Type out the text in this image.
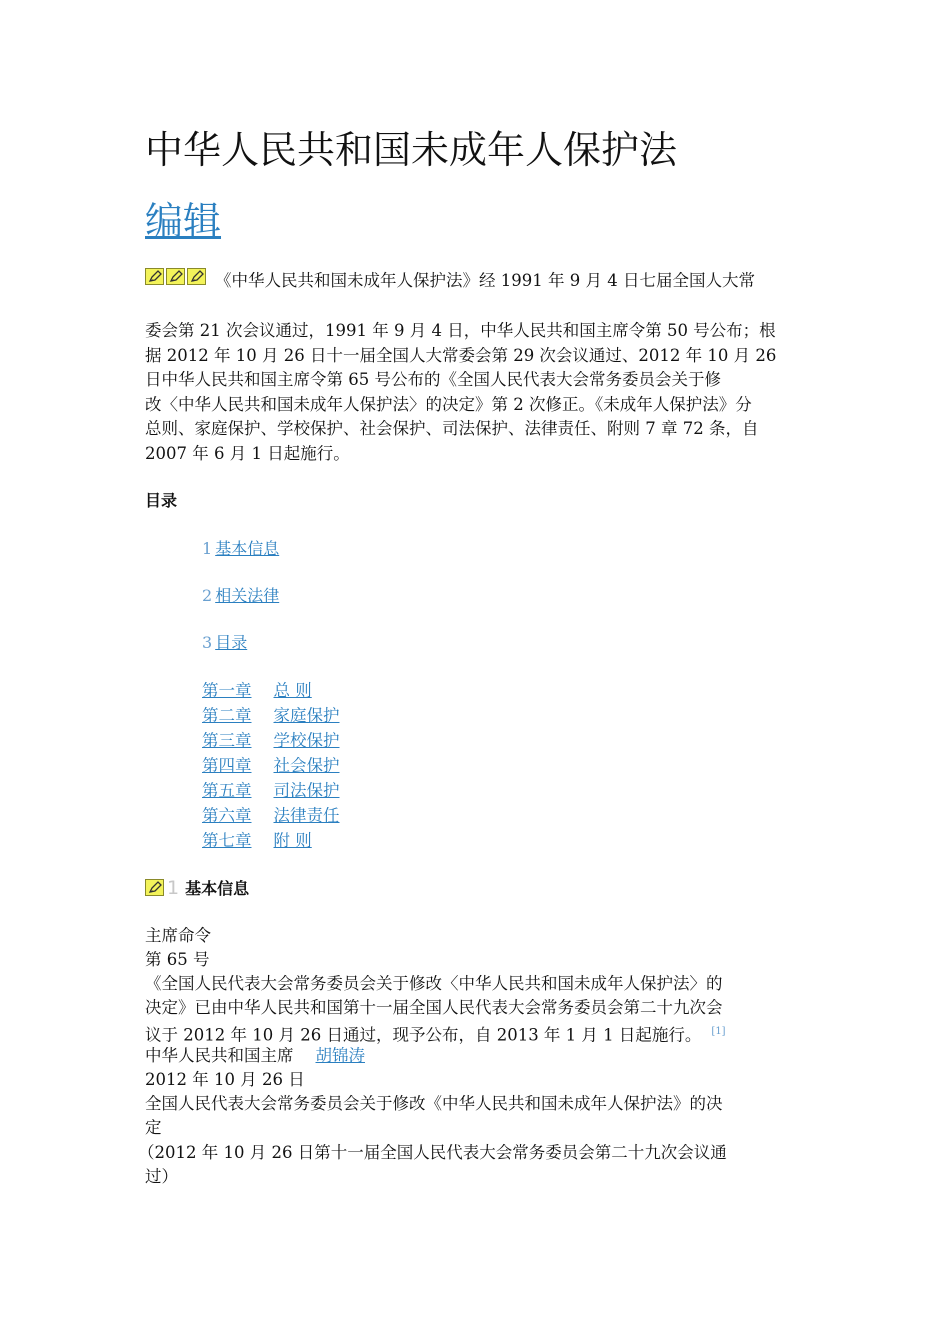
中华人民共和国未成年人保护法
编辑
《中华人民共和国未成年人保护法》经 1991 年 9 月 4 日七届全国人大常
委会第 21 次会议通过，1991 年 9 月 4 日，中华人民共和国主席令第 50 号公布；根
据 2012 年 10 月 26 日十一届全国人大常委会第 29 次会议通过、2012 年 10 月 26
日中华人民共和国主席令第 65 号公布的《全国人民代表大会常务委员会关于修
改〈中华人民共和国未成年人保护法〉的决定》第 2 次修正。《未成年人保护法》分
总则、家庭保护、学校保护、社会保护、司法保护、法律责任、附则 7 章 72 条，自
2007 年 6 月 1 日起施行。
目录
1 基本信息
2 相关法律
3 目录
第一章 总 则
第二章 家庭保护
第三章 学校保护
第四章 社会保护
第五章 司法保护
第六章 法律责任
第七章 附 则
1 基本信息
主席命令
第 65 号
《全国人民代表大会常务委员会关于修改〈中华人民共和国未成年人保护法〉的
决定》已由中华人民共和国第十一届全国人民代表大会常务委员会第二十九次会
议于 2012 年 10 月 26 日通过，现予公布，自 2013 年 1 月 1 日起施行。 [1]
中华人民共和国主席 胡锦涛
2012 年 10 月 26 日
全国人民代表大会常务委员会关于修改《中华人民共和国未成年人保护法》的决
定
（2012 年 10 月 26 日第十一届全国人民代表大会常务委员会第二十九次会议通
过）
